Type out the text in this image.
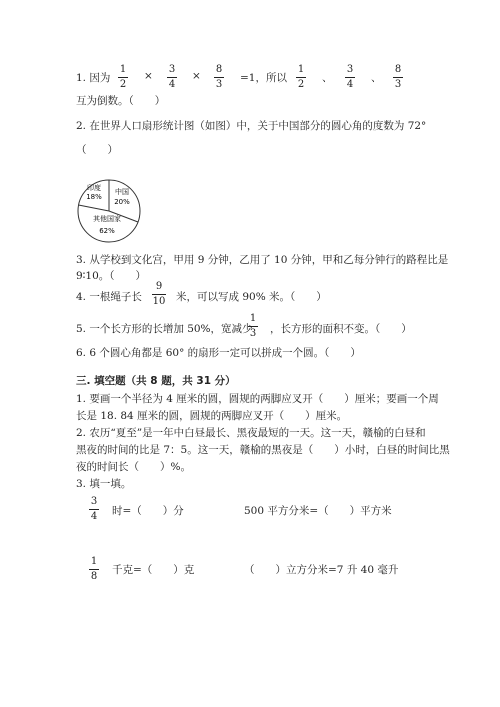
1. 因为
1
2
×
3
4
×
8
3
=1，所以
1
2
、
3
4
、
8
3
互为倒数。（　　）
2. 在世界人口扇形统计图（如图）中，关于中国部分的圆心角的度数为 72°
（　　）
印度
18%
中国
20%
其他国家
62%
3. 从学校到文化宫，甲用 9 分钟，乙用了 10 分钟，甲和乙每分钟行的路程比是
9∶10。（　　）
4. 一根绳子长
9
10 米，可以写成 90% 米。（　　）
5. 一个长方形的长增加 50%，宽减少
1
3 ，长方形的面积不变。（　　）
6. 6 个圆心角都是 60° 的扇形一定可以拼成一个圆。（　　）
三. 填空题（共 8 题，共 31 分）
1. 要画一个半径为 4 厘米的圆，圆规的两脚应叉开（　　）厘米；要画一个周
长是 18. 84 厘米的圆，圆规的两脚应叉开（　　）厘米。
2. 农历“夏至”是一年中白昼最长、黑夜最短的一天。这一天，赣榆的白昼和
黑夜的时间的比是 7：5。这一天，赣榆的黑夜是（　　）小时，白昼的时间比黑
夜的时间长（　　）%。
3. 填一填。
3
4 时=（　　）分	500 平方分米=（　　）平方米
1
8
千克=（　　）克	（　　）立方分米=7 升 40 毫升
